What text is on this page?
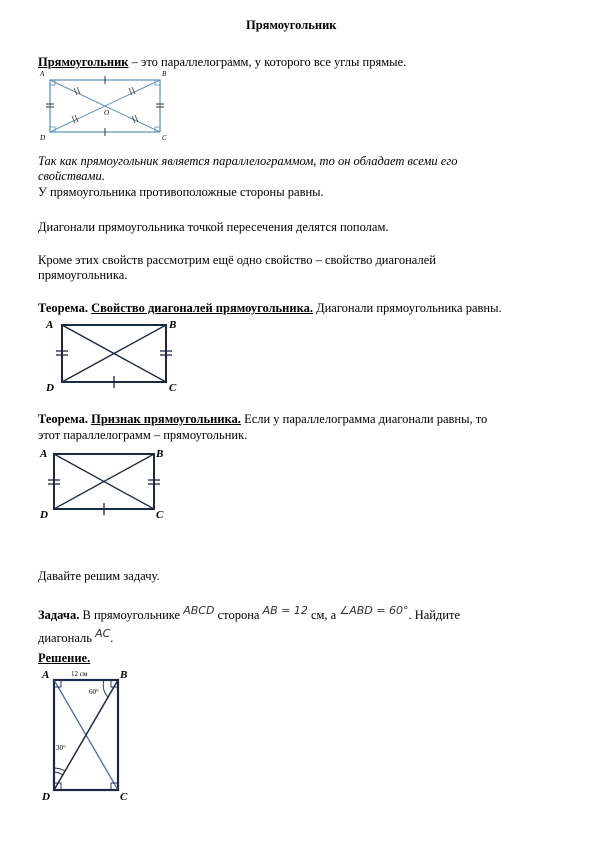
Прямоугольник
Прямоугольник – это параллелограмм, у которого все углы прямые.
A	B
C
D
O
Так как прямоугольник является параллелограммом, то он обладает всеми его
свойствами.
У прямоугольника противоположные стороны равны.
Диагонали прямоугольника точкой пересечения делятся пополам.
Кроме этих свойств рассмотрим ещё одно свойство – свойство диагоналей
прямоугольника.
Теорема. Свойство диагоналей прямоугольника. Диагонали прямоугольника равны.
A	B
C
D
Теорема. Признак прямоугольника. Если у параллелограмма диагонали равны, то
этот параллелограмм – прямоугольник.
A	B
C
D
Давайте решим задачу.
Задача. В прямоугольнике ABCD сторона AB = 12 см, а ∠ABD = 60°. Найдите
диагональ AC.
Решение.
12 см
60°
30°
A	B
C
D
